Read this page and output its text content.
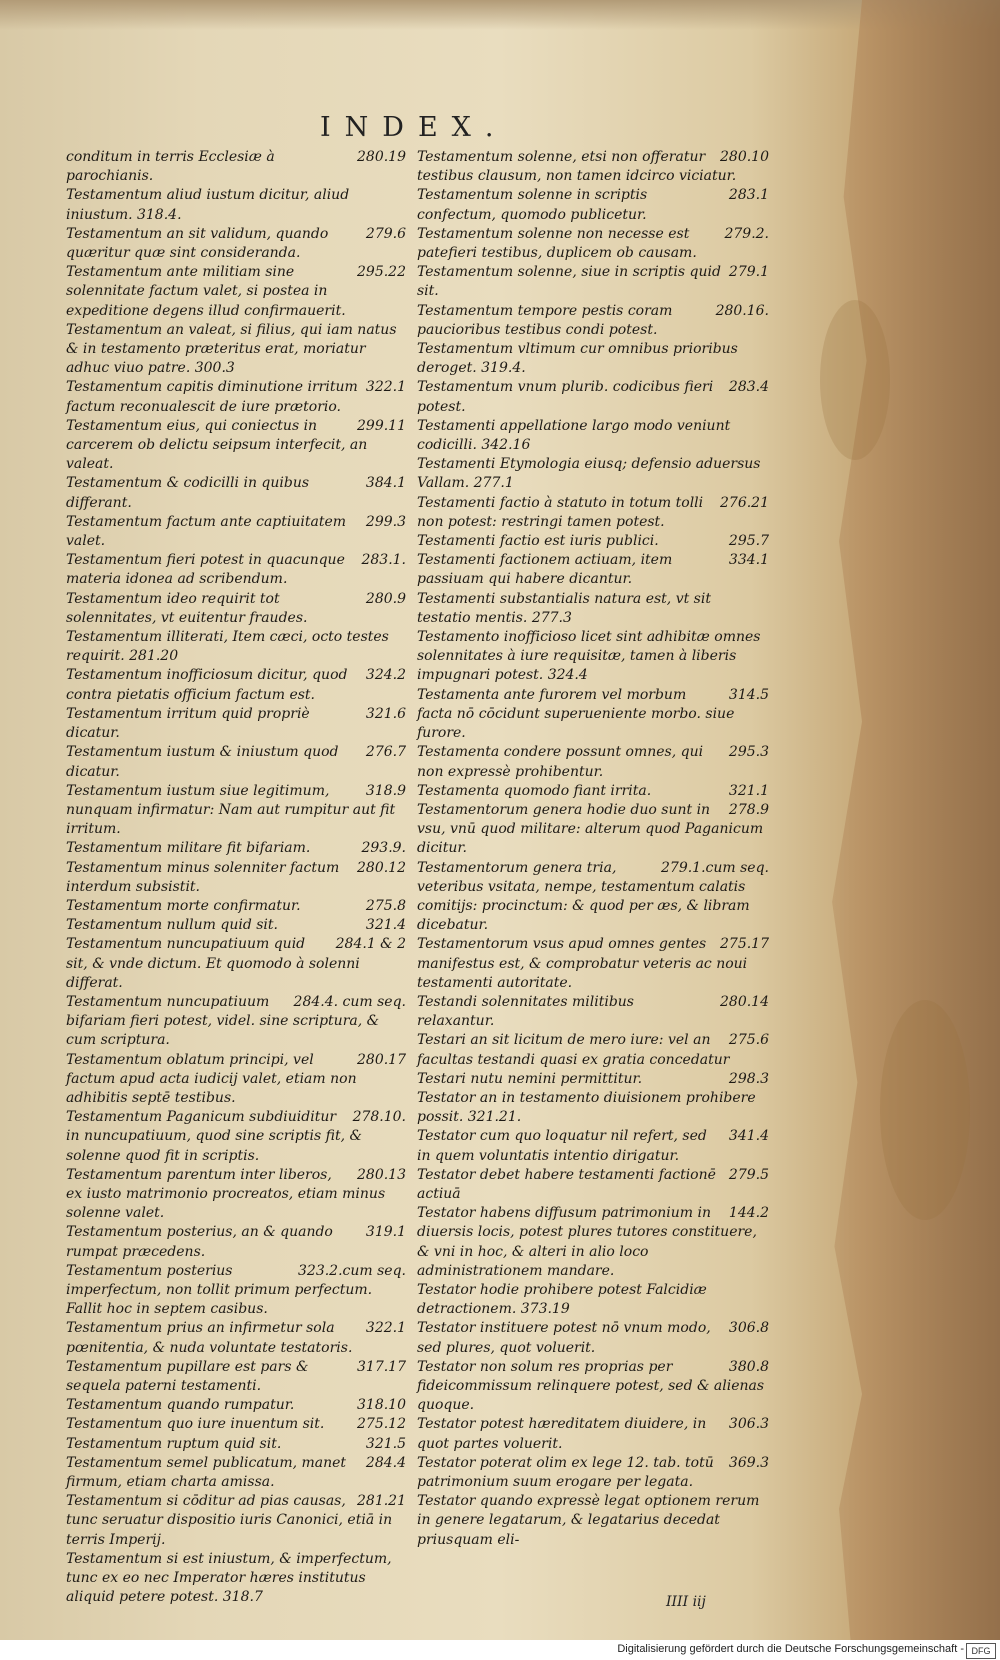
INDEX.
280.19
conditum in terris Ecclesiæ à parochianis.
Testamentum aliud iustum dicitur, aliud iniustum. 318.4.
279.6
Testamentum an sit validum, quando quæritur quæ sint consideranda.
295.22
Testamentum ante militiam sine solennitate factum valet, si postea in expeditione degens illud confirmauerit.
Testamentum an valeat, si filius, qui iam natus & in testamento præteritus erat, moriatur adhuc viuo patre. 300.3
322.1
Testamentum capitis diminutione irritum factum reconualescit de iure prætorio.
299.11
Testamentum eius, qui coniectus in carcerem ob delictu seipsum interfecit, an valeat.
384.1
Testamentum & codicilli in quibus differant.
299.3
Testamentum factum ante captiuitatem valet.
283.1.
Testamentum fieri potest in quacunque materia idonea ad scribendum.
280.9
Testamentum ideo requirit tot solennitates, vt euitentur fraudes.
Testamentum illiterati, Item cæci, octo testes requirit. 281.20
324.2
Testamentum inofficiosum dicitur, quod contra pietatis officium factum est.
321.6
Testamentum irritum quid propriè dicatur.
276.7
Testamentum iustum & iniustum quod dicatur.
318.9
Testamentum iustum siue legitimum, nunquam infirmatur: Nam aut rumpitur aut fit irritum.
293.9.
Testamentum militare fit bifariam.
280.12
Testamentum minus solenniter factum interdum subsistit.
275.8
Testamentum morte confirmatur.
321.4
Testamentum nullum quid sit.
284.1 & 2
Testamentum nuncupatiuum quid sit, & vnde dictum. Et quomodo à solenni differat.
284.4. cum seq.
Testamentum nuncupatiuum bifariam fieri potest, videl. sine scriptura, & cum scriptura.
280.17
Testamentum oblatum principi, vel factum apud acta iudicij valet, etiam non adhibitis septē testibus.
278.10.
Testamentum Paganicum subdiuiditur in nuncupatiuum, quod sine scriptis fit, & solenne quod fit in scriptis.
280.13
Testamentum parentum inter liberos, ex iusto matrimonio procreatos, etiam minus solenne valet.
319.1
Testamentum posterius, an & quando rumpat præcedens.
323.2.cum seq.
Testamentum posterius imperfectum, non tollit primum perfectum. Fallit hoc in septem casibus.
322.1
Testamentum prius an infirmetur sola pœnitentia, & nuda voluntate testatoris.
317.17
Testamentum pupillare est pars & sequela paterni testamenti.
318.10
Testamentum quando rumpatur.
275.12
Testamentum quo iure inuentum sit.
321.5
Testamentum ruptum quid sit.
284.4
Testamentum semel publicatum, manet firmum, etiam charta amissa.
281.21
Testamentum si cōditur ad pias causas, tunc seruatur dispositio iuris Canonici, etiā in terris Imperij.
Testamentum si est iniustum, & imperfectum, tunc ex eo nec Imperator hæres institutus aliquid petere potest. 318.7
280.10
Testamentum solenne, etsi non offeratur testibus clausum, non tamen idcirco viciatur.
283.1
Testamentum solenne in scriptis confectum, quomodo publicetur.
279.2.
Testamentum solenne non necesse est patefieri testibus, duplicem ob causam.
279.1
Testamentum solenne, siue in scriptis quid sit.
280.16.
Testamentum tempore pestis coram paucioribus testibus condi potest.
Testamentum vltimum cur omnibus prioribus deroget. 319.4.
283.4
Testamentum vnum plurib. codicibus fieri potest.
Testamenti appellatione largo modo veniunt codicilli. 342.16
Testamenti Etymologia eiusq; defensio aduersus Vallam. 277.1
276.21
Testamenti factio à statuto in totum tolli non potest: restringi tamen potest.
295.7
Testamenti factio est iuris publici.
334.1
Testamenti factionem actiuam, item passiuam qui habere dicantur.
Testamenti substantialis natura est, vt sit testatio mentis. 277.3
Testamento inofficioso licet sint adhibitæ omnes solennitates à iure requisitæ, tamen à liberis impugnari potest. 324.4
314.5
Testamenta ante furorem vel morbum facta nō cōcidunt superueniente morbo. siue furore.
295.3
Testamenta condere possunt omnes, qui non expressè prohibentur.
321.1
Testamenta quomodo fiant irrita.
278.9
Testamentorum genera hodie duo sunt in vsu, vnū quod militare: alterum quod Paganicum dicitur.
279.1.cum seq.
Testamentorum genera tria, veteribus vsitata, nempe, testamentum calatis comitijs: procinctum: & quod per æs, & libram dicebatur.
275.17
Testamentorum vsus apud omnes gentes manifestus est, & comprobatur veteris ac noui testamenti autoritate.
280.14
Testandi solennitates militibus relaxantur.
275.6
Testari an sit licitum de mero iure: vel an facultas testandi quasi ex gratia concedatur
298.3
Testari nutu nemini permittitur.
Testator an in testamento diuisionem prohibere possit. 321.21.
341.4
Testator cum quo loquatur nil refert, sed in quem voluntatis intentio dirigatur.
279.5
Testator debet habere testamenti factionē actiuā
144.2
Testator habens diffusum patrimonium in diuersis locis, potest plures tutores constituere, & vni in hoc, & alteri in alio loco administrationem mandare.
Testator hodie prohibere potest Falcidiæ detractionem. 373.19
306.8
Testator instituere potest nō vnum modo, sed plures, quot voluerit.
380.8
Testator non solum res proprias per fideicommissum relinquere potest, sed & alienas quoque.
306.3
Testator potest hæreditatem diuidere, in quot partes voluerit.
369.3
Testator poterat olim ex lege 12. tab. totū patrimonium suum erogare per legata.
Testator quando expressè legat optionem rerum in genere legatarum, & legatarius decedat priusquam eli-
IIII iij
Digitalisierung gefördert durch die Deutsche Forschungsgemeinschaft - DFG
